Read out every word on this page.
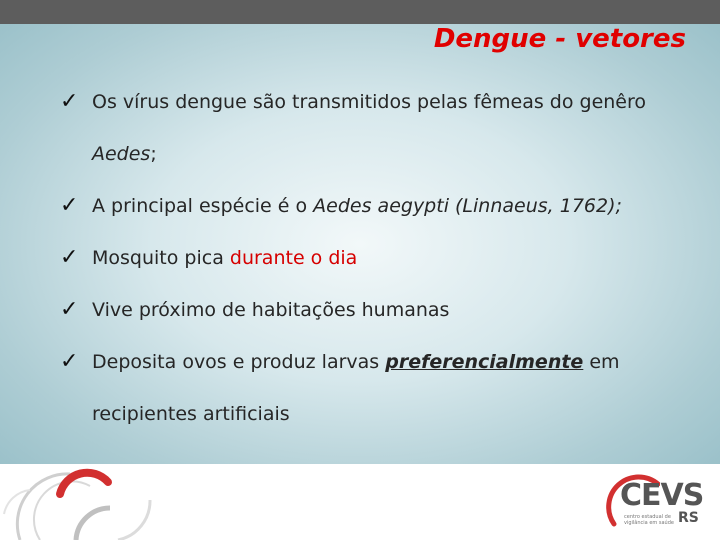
Dengue - vetores
✓ Os vírus dengue são transmitidos pelas fêmeas do genêro Aedes;
✓ A principal espécie é o Aedes aegypti (Linnaeus, 1762);
✓ Mosquito pica durante o dia
✓ Vive próximo de habitações humanas
✓ Deposita ovos e produz larvas preferencialmente em recipientes artificiais
CEVS
centro estadual de vigilância em saúde RS
